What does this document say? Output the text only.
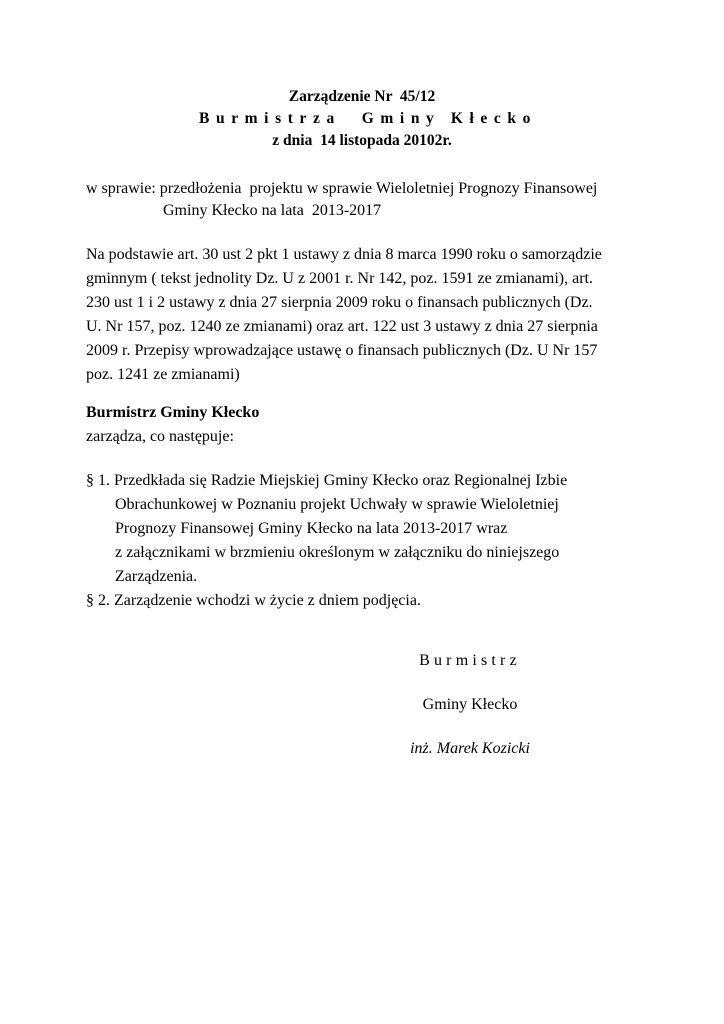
Zarządzenie Nr  45/12
Burmistrza  Gminy Kłecko
z dnia  14 listopada 20102r.
w sprawie: przedłożenia  projektu w sprawie Wieloletniej Prognozy Finansowej
Gminy Kłecko na lata  2013-2017
Na podstawie art. 30 ust 2 pkt 1 ustawy z dnia 8 marca 1990 roku o samorządzie
gminnym ( tekst jednolity Dz. U z 2001 r. Nr 142, poz. 1591 ze zmianami), art.
230 ust 1 i 2 ustawy z dnia 27 sierpnia 2009 roku o finansach publicznych (Dz.
U. Nr 157, poz. 1240 ze zmianami) oraz art. 122 ust 3 ustawy z dnia 27 sierpnia
2009 r. Przepisy wprowadzające ustawę o finansach publicznych (Dz. U Nr 157
poz. 1241 ze zmianami)
Burmistrz Gminy Kłecko
zarządza, co następuje:
§ 1. Przedkłada się Radzie Miejskiej Gminy Kłecko oraz Regionalnej Izbie
Obrachunkowej w Poznaniu projekt Uchwały w sprawie Wieloletniej
Prognozy Finansowej Gminy Kłecko na lata 2013-2017 wraz
z załącznikami w brzmieniu określonym w załączniku do niniejszego
Zarządzenia.
§ 2. Zarządzenie wchodzi w życie z dniem podjęcia.
Burmistrz
Gminy Kłecko
inż. Marek Kozicki
